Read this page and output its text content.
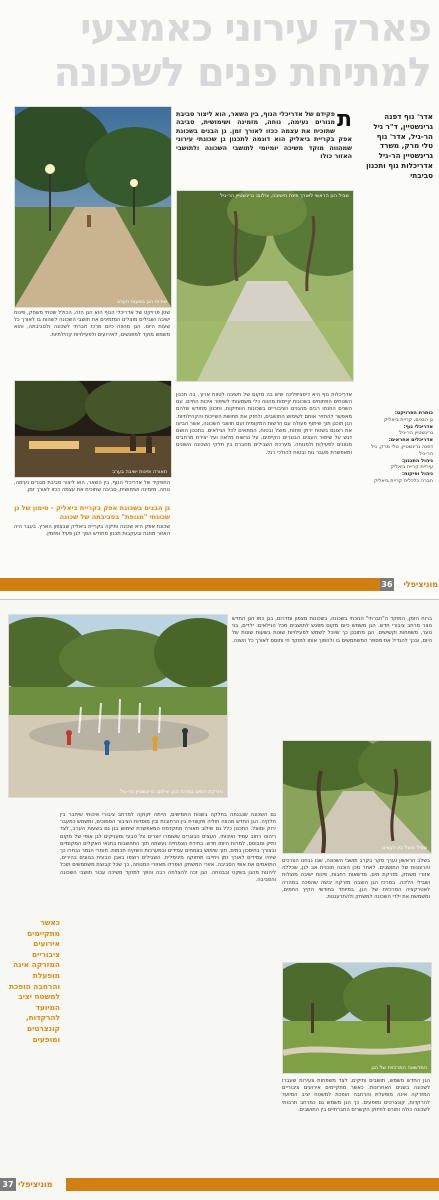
פארק עירוני כאמצעי
למתיחת פנים לשכונה
אדר' נוף דפנה גרינשטיין, ד"ר גיל הר-גיל, אדר' נוף טלי מרק, משרד גרינשטיין הר-גיל אדריכלות נוף ותכנון סביבתי
ת
פקידם של אדריכלי הנוף, בין השאר, הוא ליצור סביבת מגורים נעימה, נוחה, מזמינה ושימושית, סביבה שתוכיח את עצמה ככזו לאורך זמן. גן הבנים בשכונת אפק בקריית ביאליק הוא דוגמה לתכנון גן שכונתי עירוני שמהווה מוקד משיכה יומיומי לתושבי השכונה ולתושבי האזור כולו
אורות הגן בשעות הערב
שביל הגן הראשי לאורך פינת הישיבה, צילום: גרינשטיין הר-גיל
כותרת הפרויקט:
גן הבנים, קריית ביאליק
אדריכלי נוף:
גרינשטיין הר-גיל
אדריכלים אחראים:
דפנה גרינשטיין, טלי מרק, גיל הר-גיל
ניהול התכנון:
עיריית קריית ביאליק
ניהול ופיקוח:
חברה כלכלית קריית ביאליק
אדריכלות נוף היא דיסציפלינה שיש בה מקום של חשיבה לטווח ארוך, בה תכנון השטחים הפתוחים בשכונות קיימות מהווה כלי משמעותי לשיפור איכות החיים. עם השנים הוזנחו רבים מהגנים הציבוריים בשכונות הוותיקות, ותכנון מחודש שלהם מאפשר להחזיר אותם לשימוש התושבים, ולחזק את תחושת השייכות והקהילתיות. הגן תוכנן תוך שיתוף פעולה עם הרשות המקומית ועם תושבי השכונה, אשר הביעו את רצונם בשטח ירוק פתוח, מוצל ובטוח, המתאים לכל הגילאים. בתכנון הושם דגש על שימור העצים הבוגרים הקיימים, על נגישות מלאה ועל יצירת מרחבים מגוונים לפעילות ולמנוחה. מערכת השבילים מחברת בין חלקי השכונה השונים ומאפשרת מעבר נוח ובטוח להולכי רגל.
שטן פרויקט של אדריכלי הנוף הוא הגן הזה, הכולל שטחי משחק, פינות ישיבה ושבילים מוצלים המזמינים את תושבי השכונה לשהות בו לאורך כל שעות היום. הגן מהווה כיום מרכז חברתי לשכונה ולסביבתה, והוא משמש מוקד למפגשים, לאירועים ולפעילויות קהילתיות.
תאורה ופינות ישיבה בערב
התפקיד של אדריכלי הנוף, בין השאר, הוא ליצור סביבת מגורים נעימה, נוחה, מזמינה ושימושית, סביבה שתוכיח את עצמה ככזו לאורך זמן.
גן הבנים בשכונת אפק בקריית ביאליק - סימון של גן שכונתי "מנופת" בסביבתה של שכונה
שכונת אפק היא שכונה ותיקה בקריית ביאליק שבצפון הארץ. בעבר היה האזור מוזנח ובעקבות תכנון מחודש הפך לגן פעיל ומזמין.
36	מוניציפלי
ברוח הזמן, המוקד ה"חברתי" הנוכחי בשכונה, בשכונות מצפון ומדרום, בגן כמו הגן החדש נוצר מרחב ציבורי חדש. הגן משמש כיום מקום מפגש לתושבים מכל הגילאים: ילדים, בני נוער, משפחות וקשישים. הגן מתוכנן כך שיוכל לשמש לפעילויות שונות בשעות שונות של היום, ובכך להגדיל את מספר המשתמשים בו ולהפוך אותו למוקד חי ותוסס לאורך כל השנה.
מזרקת המים במרכז הגן, צילום: גרינשטיין הר-גיל
שביל מוצל בין העצים
גם השכונה שנבנתה בחלקה בשנות החמישים, הייתה זקוקה למרחב ציבורי איכותי שיחבר בין חלקיה. הגן החדש מהווה חוליה מקשרת בין הרחובות ובין מוסדות הציבור הסמוכים, ומשמש כמעבר ירוק ומוצל. התכנון כלל גם שילוב תאורה מתקדמת המאפשרת שימוש בגן גם בשעות הערב, לצד ריהוט רחוב עמיד ואיכותי. העצים הבוגרים ששומרו יוצרים צל טבעי ומעניקים לגן אופי של מקום ותיק ומבוסס, למרות היותו חדש. בחירת הצמחייה נעשתה תוך התחשבות בתנאי האקלים המקומיים ובצורך בחיסכון במים, תוך שימוש בצמחים עמידים ובמערכות השקיה חכמות. חומרי הגמר נבחרו כך שיהיו עמידים לאורך זמן ויחייבו תחזוקה מינימלית. השבילים רוצפו באבן טבעית בגוונים בהירים, התואמים את אופי הסביבה. אזורי המשחק הופרדו מאזורי המנוחה, כך שכל קבוצת משתמשים תוכל ליהנות מהגן בשקט ובבטחה. הגן זכה להצלחה רבה והפך למוקד משיכה עבור תושבי השכונה והסביבה.
בשלב הראשון נערך סקר בקרב תושבי השכונה, שבו נבחנו הצרכים והרצונות של התושבים. לאחר מכן הוכנה תוכנית אב לגן, שכללה אזורי משחק, מזרקת מים, מדשאות רחבות, פינות ישיבה מוצלות ושבילי הליכה. במרכז הגן הוצבה מזרקה יבשה שהפכה במהרה לאטרקציה המרכזית של הגן, במיוחד בחודשי הקיץ החמים, ומשמשת את ילדי השכונה למשחק ולהתרעננות.
המדשאה המרכזית של הגן
כאשר מתקיימים אירועים ציבוריים המזרקה אינה מופעלת והרחבה הופכת למשטח יציב המיועד להרקדות, קונצרטים ומופעים
הגן החדש משמש, תושבים ותיקים, לצד משפחות צעירות שעברו לשכונה בשנים האחרונות. כאשר מתקיימים אירועים ציבוריים המזרקה אינה מופעלת והרחבה הופכת למשטח יציב המיועד להרקדות, קונצרטים ומופעים. כך הגן משמש גם כמרחב תרבותי לשכונה כולה ותורם לחיזוק הקשרים החברתיים בין התושבים.
37 מוניציפלי
